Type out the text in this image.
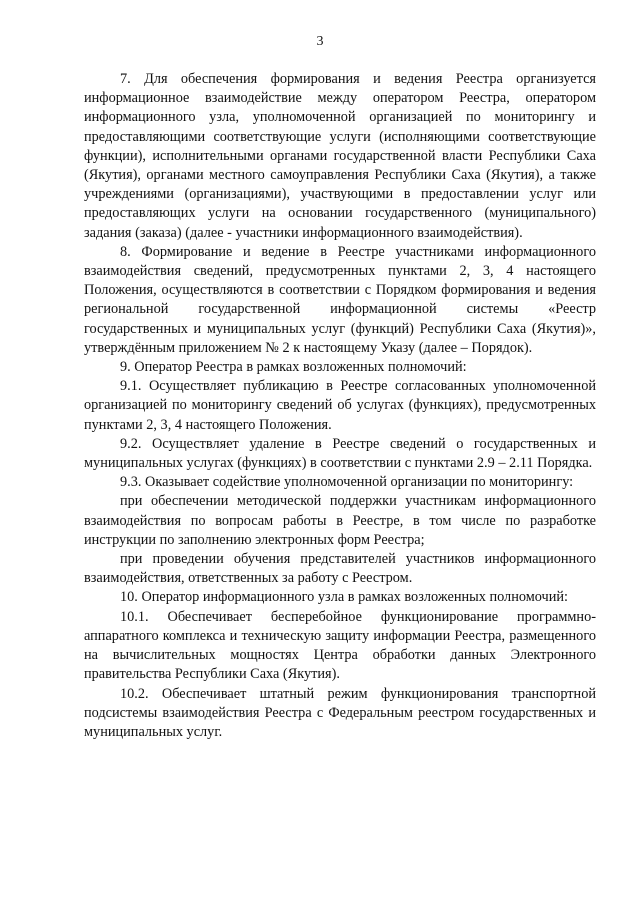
3

7. Для обеспечения формирования и ведения Реестра организуется информационное взаимодействие между оператором Реестра, оператором информационного узла, уполномоченной организацией по мониторингу и предоставляющими соответствующие услуги (исполняющими соответствующие функции), исполнительными органами государственной власти Республики Саха (Якутия), органами местного самоуправления Республики Саха (Якутия), а также учреждениями (организациями), участвующими в предоставлении услуг или предоставляющих услуги на основании государственного (муниципального) задания (заказа) (далее - участники информационного взаимодействия).

8. Формирование и ведение в Реестре участниками информационного взаимодействия сведений, предусмотренных пунктами 2, 3, 4 настоящего Положения, осуществляются в соответствии с Порядком формирования и ведения региональной государственной информационной системы «Реестр государственных и муниципальных услуг (функций) Республики Саха (Якутия)», утверждённым приложением № 2 к настоящему Указу (далее – Порядок).

9. Оператор Реестра в рамках возложенных полномочий:

9.1. Осуществляет публикацию в Реестре согласованных уполномоченной организацией по мониторингу сведений об услугах (функциях), предусмотренных пунктами 2, 3, 4 настоящего Положения.

9.2. Осуществляет удаление в Реестре сведений о государственных и муниципальных услугах (функциях) в соответствии с пунктами 2.9 – 2.11 Порядка.

9.3. Оказывает содействие уполномоченной организации по мониторингу:

при обеспечении методической поддержки участникам информационного взаимодействия по вопросам работы в Реестре, в том числе по разработке инструкции по заполнению электронных форм Реестра;

при проведении обучения представителей участников информационного взаимодействия, ответственных за работу с Реестром.

10. Оператор информационного узла в рамках возложенных полномочий:

10.1. Обеспечивает бесперебойное функционирование программно-аппаратного комплекса и техническую защиту информации Реестра, размещенного на вычислительных мощностях Центра обработки данных Электронного правительства Республики Саха (Якутия).

10.2. Обеспечивает штатный режим функционирования транспортной подсистемы взаимодействия Реестра с Федеральным реестром государственных и муниципальных услуг.
